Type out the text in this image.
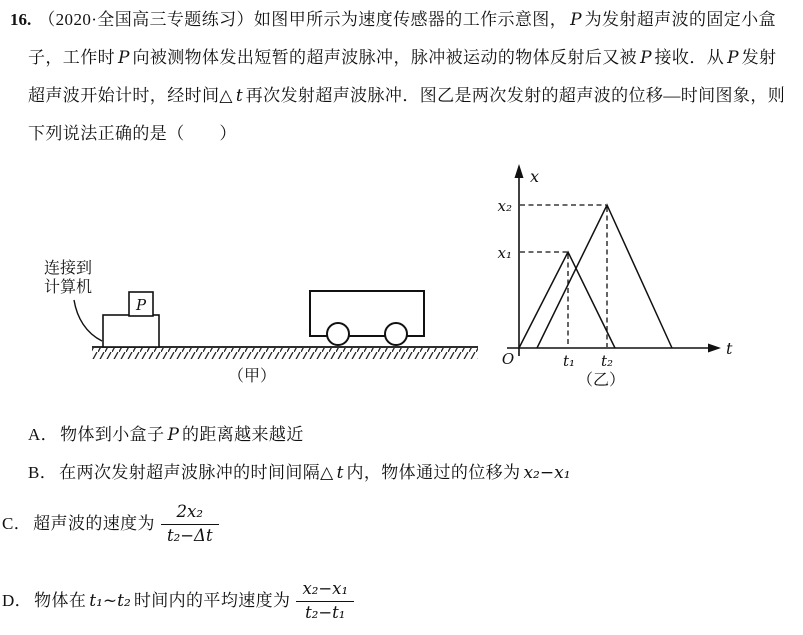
16. （2020·全国高三专题练习）如图甲所示为速度传感器的工作示意图， P 为发射超声波的固定小盒
子，工作时 P 向被测物体发出短暂的超声波脉冲，脉冲被运动的物体反射后又被 P 接收．从 P 发射
超声波开始计时，经时间△ t 再次发射超声波脉冲．图乙是两次发射的超声波的位移—时间图象，则
下列说法正确的是（　　）
连接到
计算机
P
（甲）
x
t
O
x₂
x₁
t₁ t₂
（乙）
A． 物体到小盒子 P 的距离越来越近
B． 在两次发射超声波脉冲的时间间隔△ t 内，物体通过的位移为 x₂−x₁
C． 超声波的速度为 $\frac{\text{2x₂}}{\text{t₂−Δt}}$
D． 物体在 t₁~t₂ 时间内的平均速度为 $\frac{\text{x₂−x₁}}{\text{t₂−t₁}}$
